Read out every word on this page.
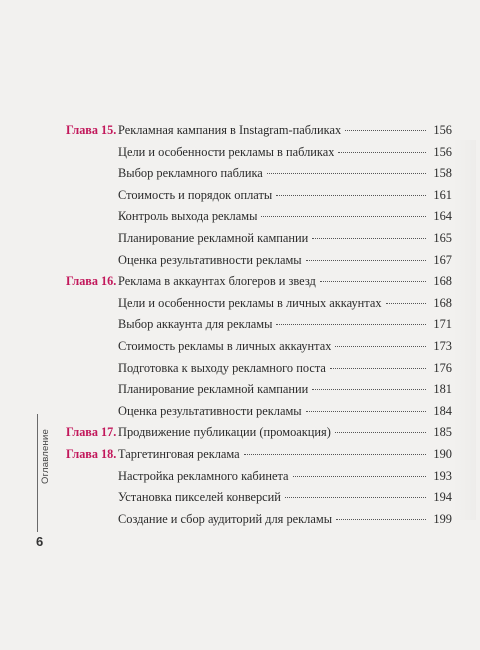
Глава 15. Рекламная кампания в Instagram-пабликах	156
Цели и особенности рекламы в пабликах	156
Выбор рекламного паблика	158
Стоимость и порядок оплаты	161
Контроль выхода рекламы	164
Планирование рекламной кампании	165
Оценка результативности рекламы	167
Глава 16. Реклама в аккаунтах блогеров и звезд	168
Цели и особенности рекламы в личных аккаунтах	168
Выбор аккаунта для рекламы	171
Стоимость рекламы в личных аккаунтах	173
Подготовка к выходу рекламного поста	176
Планирование рекламной кампании	181
Оценка результативности рекламы	184
Глава 17. Продвижение публикации (промоакция)	185
Глава 18. Таргетинговая реклама	190
Настройка рекламного кабинета	193
Установка пикселей конверсий	194
Создание и сбор аудиторий для рекламы	199
Оглавление
6
